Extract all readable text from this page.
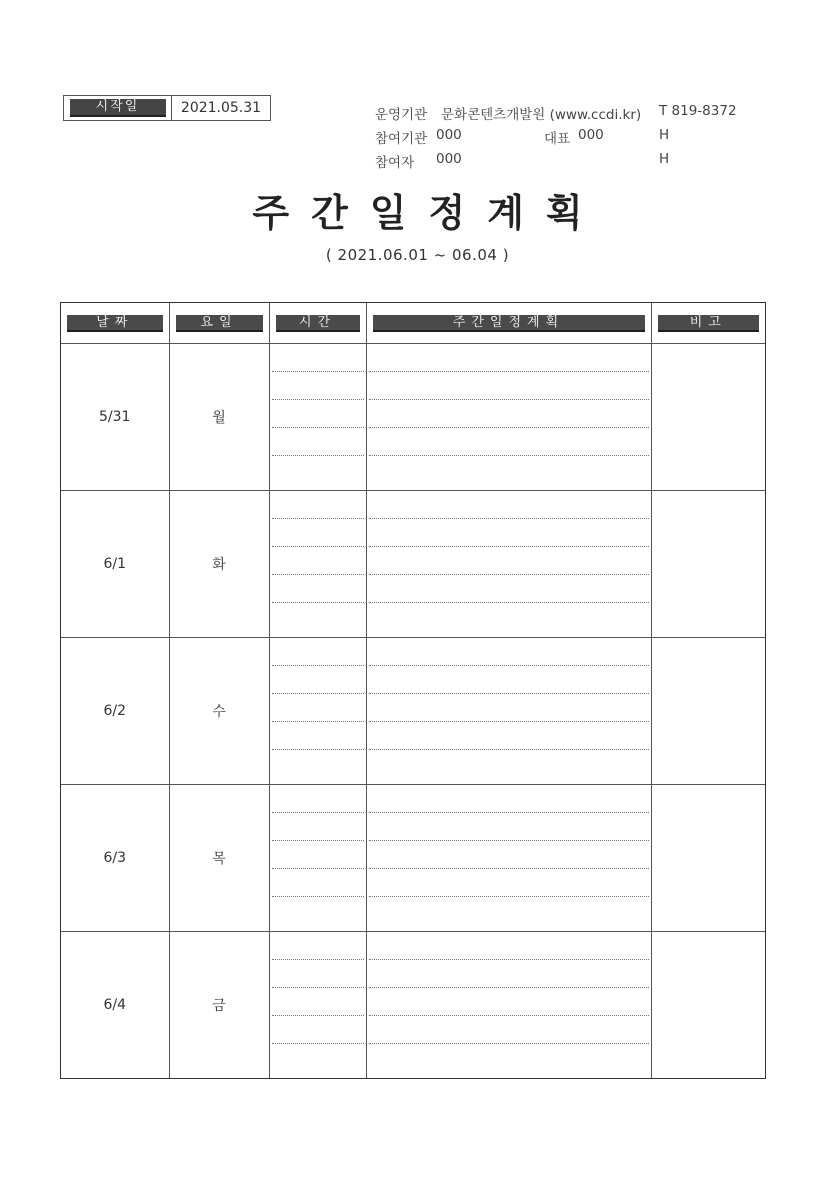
시작일	2021.05.31	운영기관 문화콘텐츠개발원 (www.ccdi.kr) T 819-8372
참여기관 000	대표 000	H
참여자 000	H
주간일정계획
( 2021.06.01 ~ 06.04 )
날짜	요일	시간	주간일정계획	비고

5/31	월	

6/1	화	

6/2	수	

6/3	목	

6/4	금	
